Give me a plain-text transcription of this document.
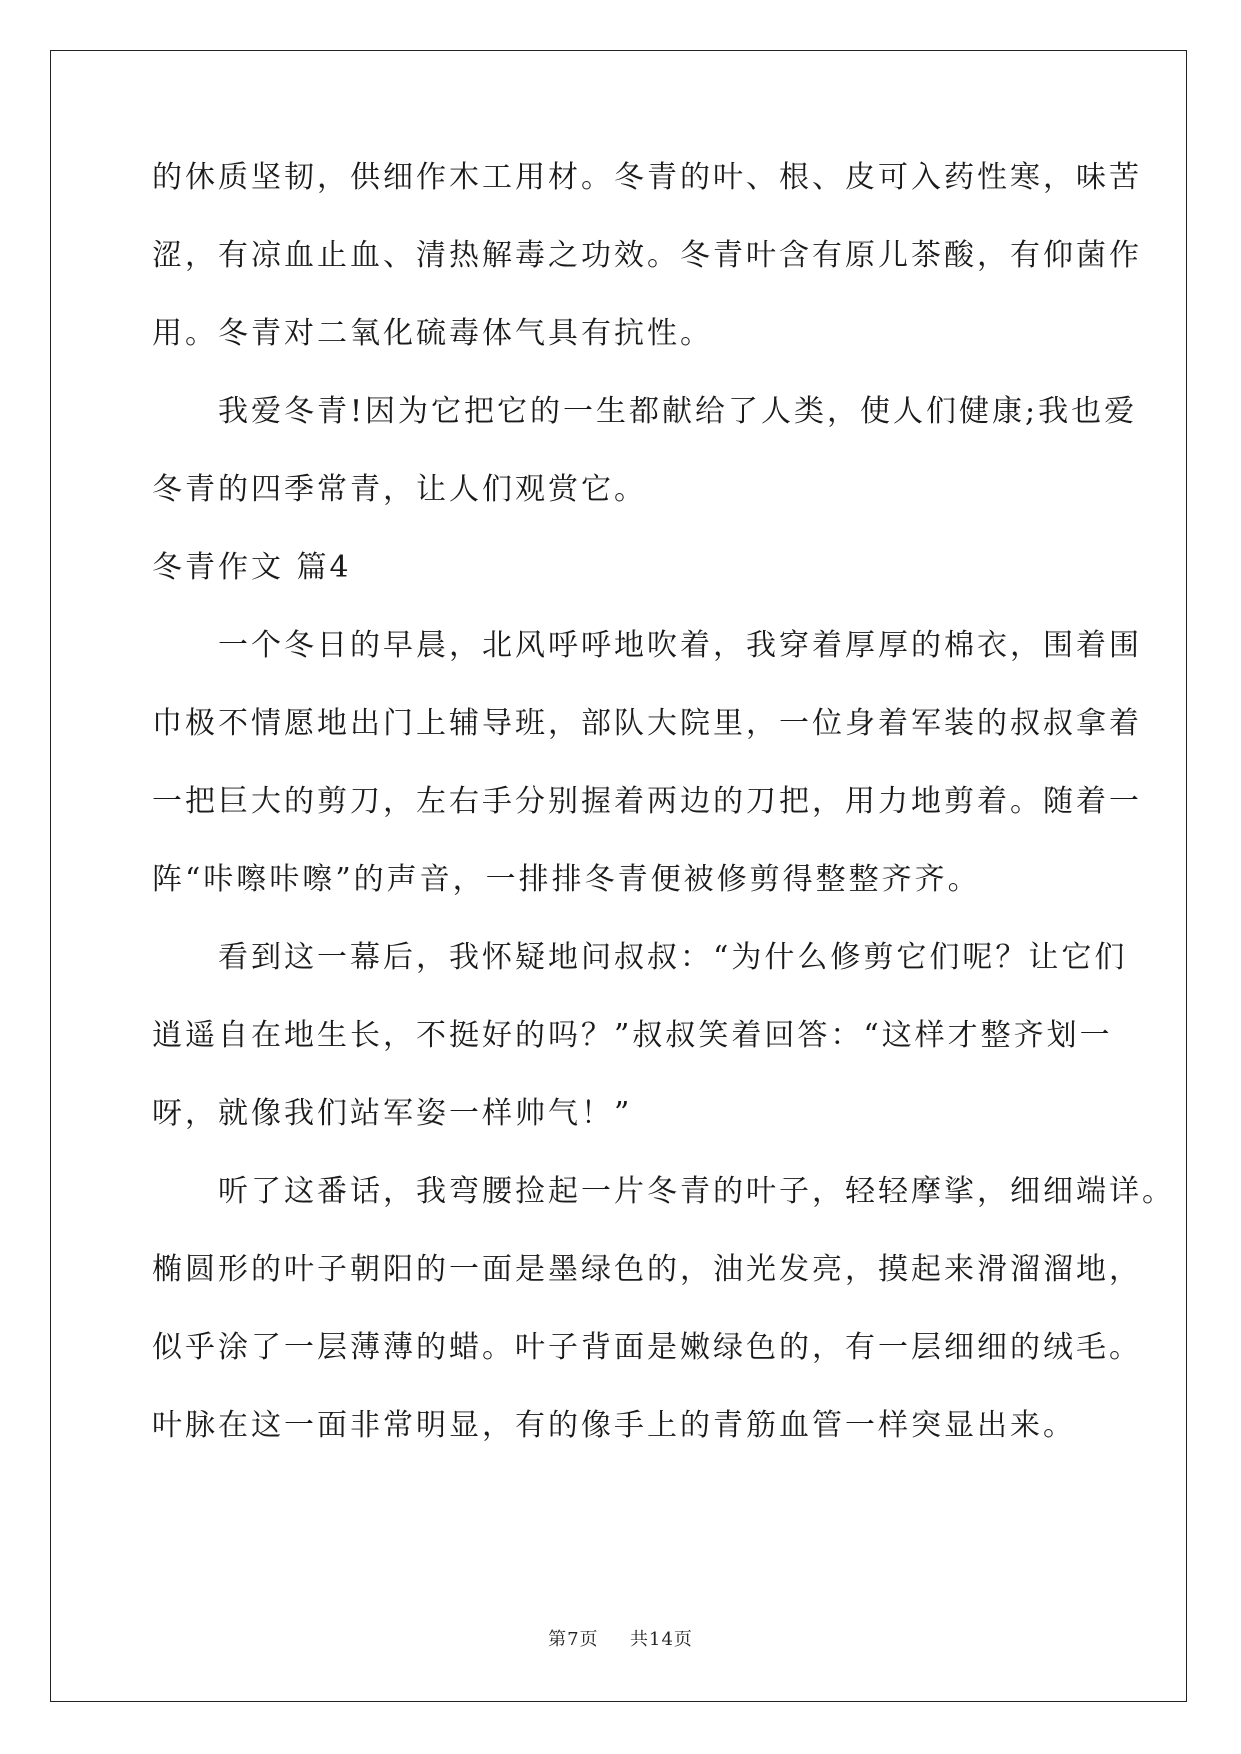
的休质坚韧，供细作木工用材。冬青的叶、根、皮可入药性寒，味苦

涩，有凉血止血、清热解毒之功效。冬青叶含有原儿茶酸，有仰菌作

用。冬青对二氧化硫毒体气具有抗性。

　　我爱冬青!因为它把它的一生都献给了人类，使人们健康;我也爱

冬青的四季常青，让人们观赏它。

冬青作文 篇4

　　一个冬日的早晨，北风呼呼地吹着，我穿着厚厚的棉衣，围着围

巾极不情愿地出门上辅导班，部队大院里，一位身着军装的叔叔拿着

一把巨大的剪刀，左右手分别握着两边的刀把，用力地剪着。随着一

阵“咔嚓咔嚓”的声音，一排排冬青便被修剪得整整齐齐。

　　看到这一幕后，我怀疑地问叔叔：“为什么修剪它们呢？让它们

逍遥自在地生长，不挺好的吗？”叔叔笑着回答：“这样才整齐划一

呀，就像我们站军姿一样帅气！”

　　听了这番话，我弯腰捡起一片冬青的叶子，轻轻摩挲，细细端详。

椭圆形的叶子朝阳的一面是墨绿色的，油光发亮，摸起来滑溜溜地，

似乎涂了一层薄薄的蜡。叶子背面是嫩绿色的，有一层细细的绒毛。

叶脉在这一面非常明显，有的像手上的青筋血管一样突显出来。

第7页 共14页
